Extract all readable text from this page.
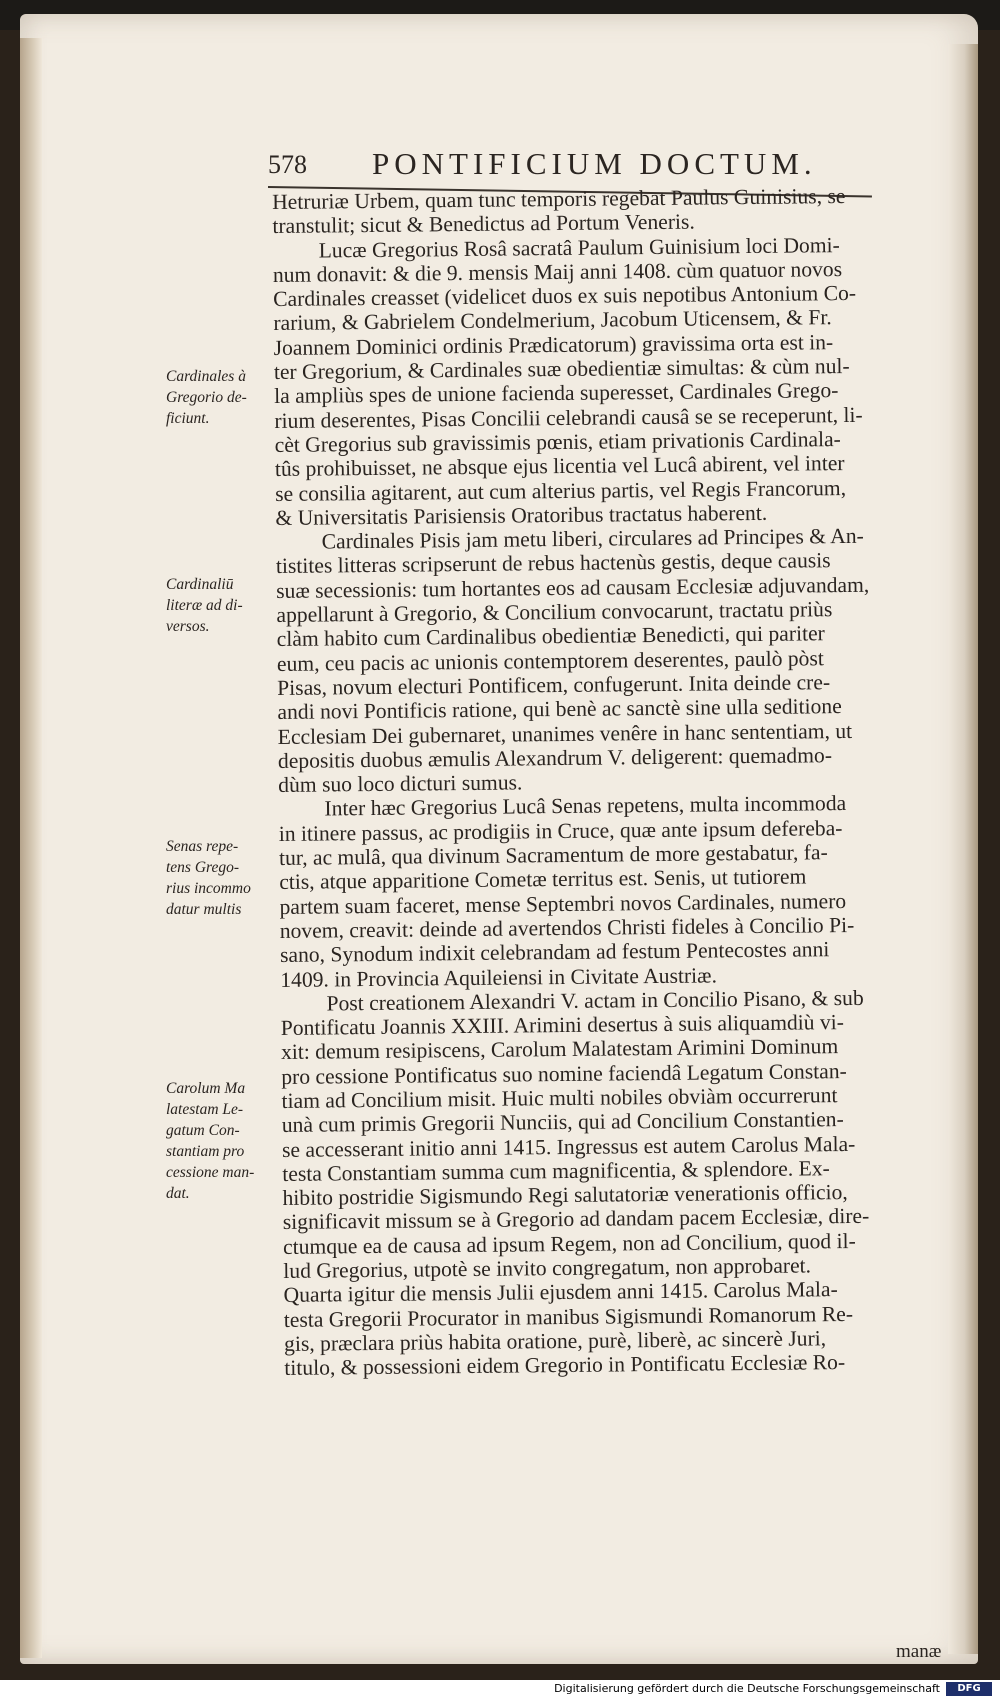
578 PONTIFICIUM DOCTUM.
Hetruriæ Urbem, quam tunc temporis regebat Paulus Guinisius, se
transtulit; sicut & Benedictus ad Portum Veneris.
Lucæ Gregorius Rosâ sacratâ Paulum Guinisium loci Domi-
num donavit: & die 9. mensis Maij anni 1408. cùm quatuor novos
Cardinales creasset (videlicet duos ex suis nepotibus Antonium Co-
rarium, & Gabrielem Condelmerium, Jacobum Uticensem, & Fr.
Joannem Dominici ordinis Prædicatorum) gravissima orta est in-
ter Gregorium, & Cardinales suæ obedientiæ simultas: & cùm nul-
la ampliùs spes de unione facienda superesset, Cardinales Grego-
rium deserentes, Pisas Concilii celebrandi causâ se se receperunt, li-
cèt Gregorius sub gravissimis pœnis, etiam privationis Cardinala-
tûs prohibuisset, ne absque ejus licentia vel Lucâ abirent, vel inter
se consilia agitarent, aut cum alterius partis, vel Regis Francorum,
& Universitatis Parisiensis Oratoribus tractatus haberent.
Cardinales Pisis jam metu liberi, circulares ad Principes & An-
tistites litteras scripserunt de rebus hactenùs gestis, deque causis
suæ secessionis: tum hortantes eos ad causam Ecclesiæ adjuvandam,
appellarunt à Gregorio, & Concilium convocarunt, tractatu priùs
clàm habito cum Cardinalibus obedientiæ Benedicti, qui pariter
eum, ceu pacis ac unionis contemptorem deserentes, paulò pòst
Pisas, novum electuri Pontificem, confugerunt. Inita deinde cre-
andi novi Pontificis ratione, qui benè ac sanctè sine ulla seditione
Ecclesiam Dei gubernaret, unanimes venêre in hanc sententiam, ut
depositis duobus æmulis Alexandrum V. deligerent: quemadmo-
dùm suo loco dicturi sumus.
Inter hæc Gregorius Lucâ Senas repetens, multa incommoda
in itinere passus, ac prodigiis in Cruce, quæ ante ipsum deferеba-
tur, ac mulâ, qua divinum Sacramentum de more gestabatur, fa-
ctis, atque apparitione Cometæ territus est. Senis, ut tutiorem
partem suam faceret, mense Septembri novos Cardinales, numero
novem, creavit: deinde ad avertendos Christi fideles à Concilio Pi-
sano, Synodum indixit celebrandam ad festum Pentecostes anni
1409. in Provincia Aquileiensi in Civitate Austriæ.
Post creationem Alexandri V. actam in Concilio Pisano, & sub
Pontificatu Joannis XXIII. Arimini desertus à suis aliquamdiù vi-
xit: demum resipiscens, Carolum Malatestam Arimini Dominum
pro cessione Pontificatus suo nomine faciendâ Legatum Constan-
tiam ad Concilium misit. Huic multi nobiles obviàm occurrerunt
unà cum primis Gregorii Nunciis, qui ad Concilium Constantien-
se accesserant initio anni 1415. Ingressus est autem Carolus Mala-
testa Constantiam summa cum magnificentia, & splendore. Ex-
hibito postridie Sigismundo Regi salutatoriæ venerationis officio,
significavit missum se à Gregorio ad dandam pacem Ecclesiæ, dire-
ctumque ea de causa ad ipsum Regem, non ad Concilium, quod il-
lud Gregorius, utpotè se invito congregatum, non approbaret.
Quarta igitur die mensis Julii ejusdem anni 1415. Carolus Mala-
testa Gregorii Procurator in manibus Sigismundi Romanorum Re-
gis, præclara priùs habita oratione, purè, liberè, ac sincerè Juri,
titulo, & possessioni eidem Gregorio in Pontificatu Ecclesiæ Ro-
Cardinales à
Gregorio de-
ficiunt.
Cardinaliū
literæ ad di-
versos.
Senas repe-
tens Grego-
rius incommo
datur multis
Carolum Ma
latestam Le-
gatum Con-
stantiam pro
cessione man-
dat.
manæ
Digitalisierung gefördert durch die Deutsche Forschungsgemeinschaft	DFG
